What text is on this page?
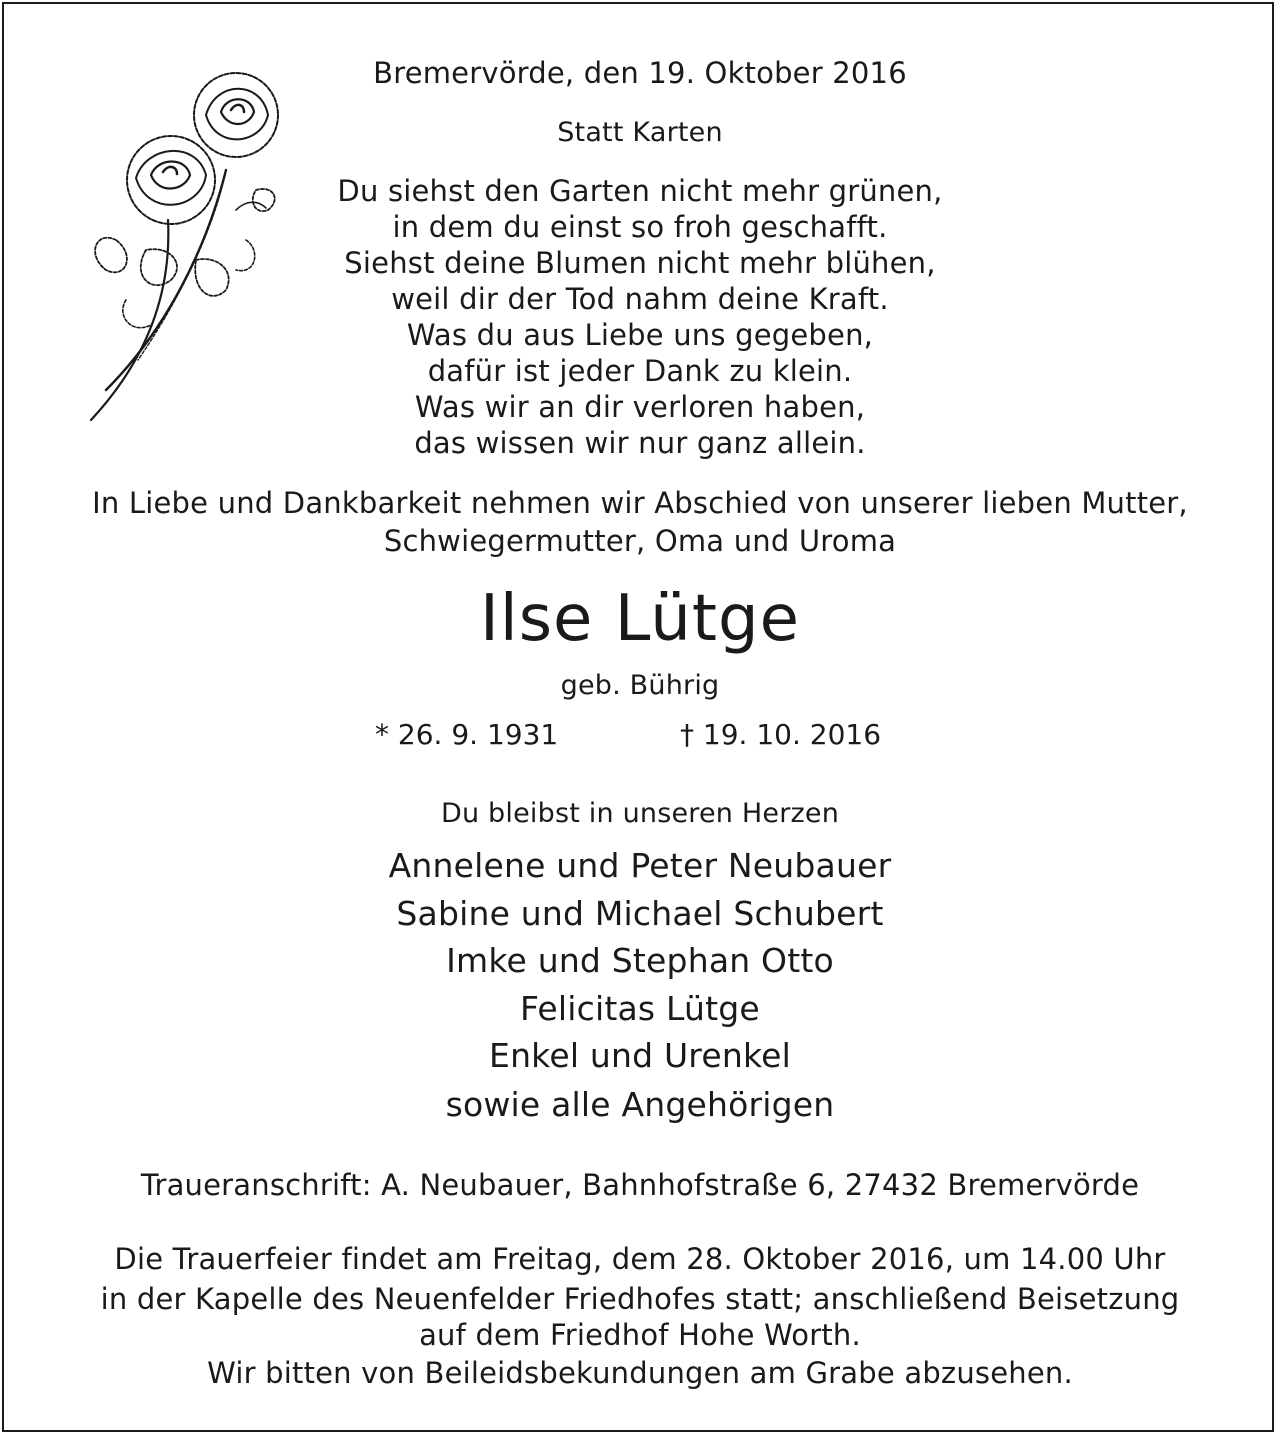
Bremervörde, den 19. Oktober 2016
Statt Karten
Du siehst den Garten nicht mehr grünen,
in dem du einst so froh geschafft.
Siehst deine Blumen nicht mehr blühen,
weil dir der Tod nahm deine Kraft.
Was du aus Liebe uns gegeben,
dafür ist jeder Dank zu klein.
Was wir an dir verloren haben,
das wissen wir nur ganz allein.
In Liebe und Dankbarkeit nehmen wir Abschied von unserer lieben Mutter,
Schwiegermutter, Oma und Uroma
Ilse Lütge
geb. Bührig
* 26. 9. 1931	† 19. 10. 2016
Du bleibst in unseren Herzen
Annelene und Peter Neubauer
Sabine und Michael Schubert
Imke und Stephan Otto
Felicitas Lütge
Enkel und Urenkel
sowie alle Angehörigen
Traueranschrift: A. Neubauer, Bahnhofstraße 6, 27432 Bremervörde
Die Trauerfeier findet am Freitag, dem 28. Oktober 2016, um 14.00 Uhr
in der Kapelle des Neuenfelder Friedhofes statt; anschließend Beisetzung
auf dem Friedhof Hohe Worth.
Wir bitten von Beileidsbekundungen am Grabe abzusehen.
